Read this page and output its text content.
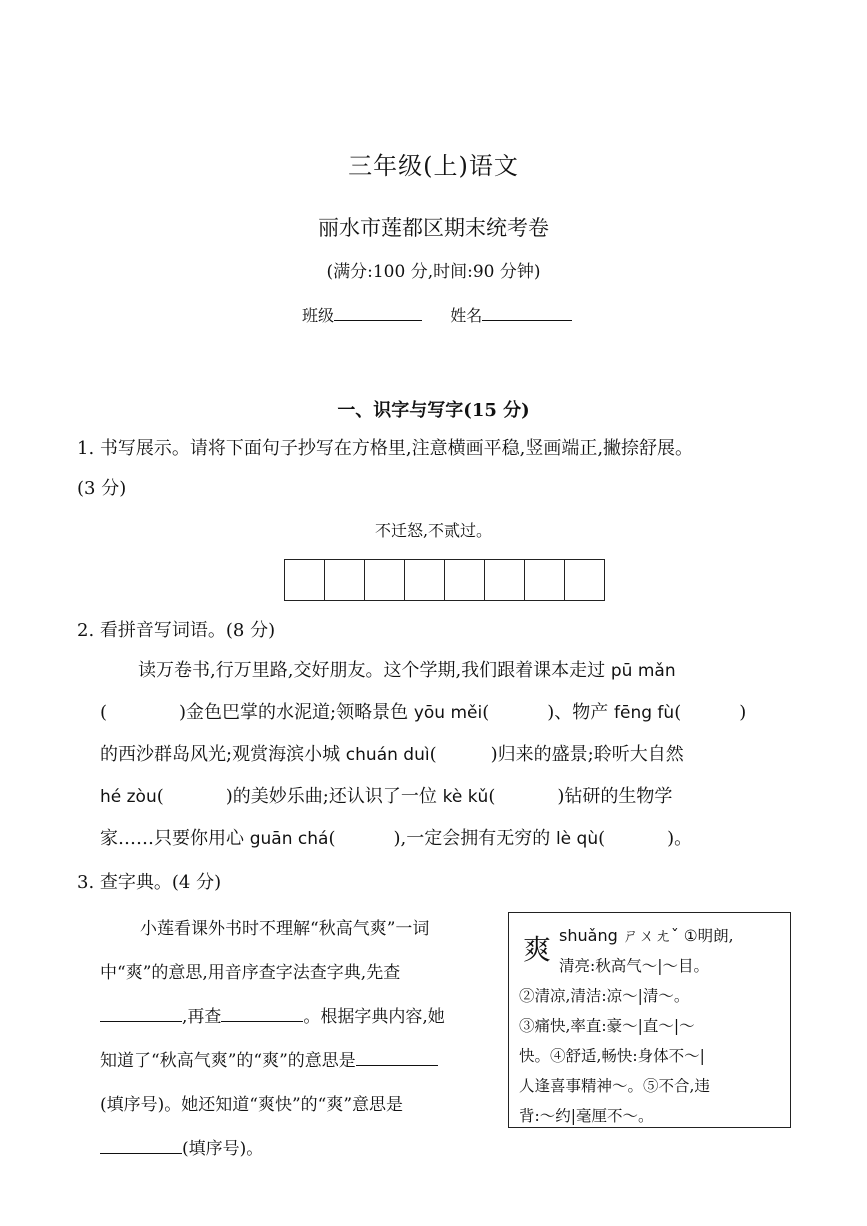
三年级(上)语文
丽水市莲都区期末统考卷
(满分:100 分,时间:90 分钟)
班级	姓名
一、识字与写字(15 分)
1. 书写展示。请将下面句子抄写在方格里,注意横画平稳,竖画端正,撇捺舒展。
(3 分)
不迁怒,不贰过。
2. 看拼音写词语。(8 分)
读万卷书,行万里路,交好朋友。这个学期,我们跟着课本走过 pū mǎn
(	)金色巴掌的水泥道;领略景色 yōu měi(	)、物产 fēng fù(	)
的西沙群岛风光;观赏海滨小城 chuán duì(	)归来的盛景;聆听大自然
hé zòu(	)的美妙乐曲;还认识了一位 kè kǔ(	)钻研的生物学
家……只要你用心 guān chá(	),一定会拥有无穷的 lè qù(	)。
3. 查字典。(4 分)
小莲看课外书时不理解“秋高气爽”一词
中“爽”的意思,用音序查字法查字典,先查
,再查	。根据字典内容,她
知道了“秋高气爽”的“爽”的意思是
(填序号)。她还知道“爽快”的“爽”意思是
(填序号)。
爽 shuǎng ㄕㄨㄤˇ ①明朗,
清亮:秋高气～|～目。
②清凉,清洁:凉～|清～。
③痛快,率直:豪～|直～|～
快。④舒适,畅快:身体不～|
人逢喜事精神～。⑤不合,违
背:～约|毫厘不～。
